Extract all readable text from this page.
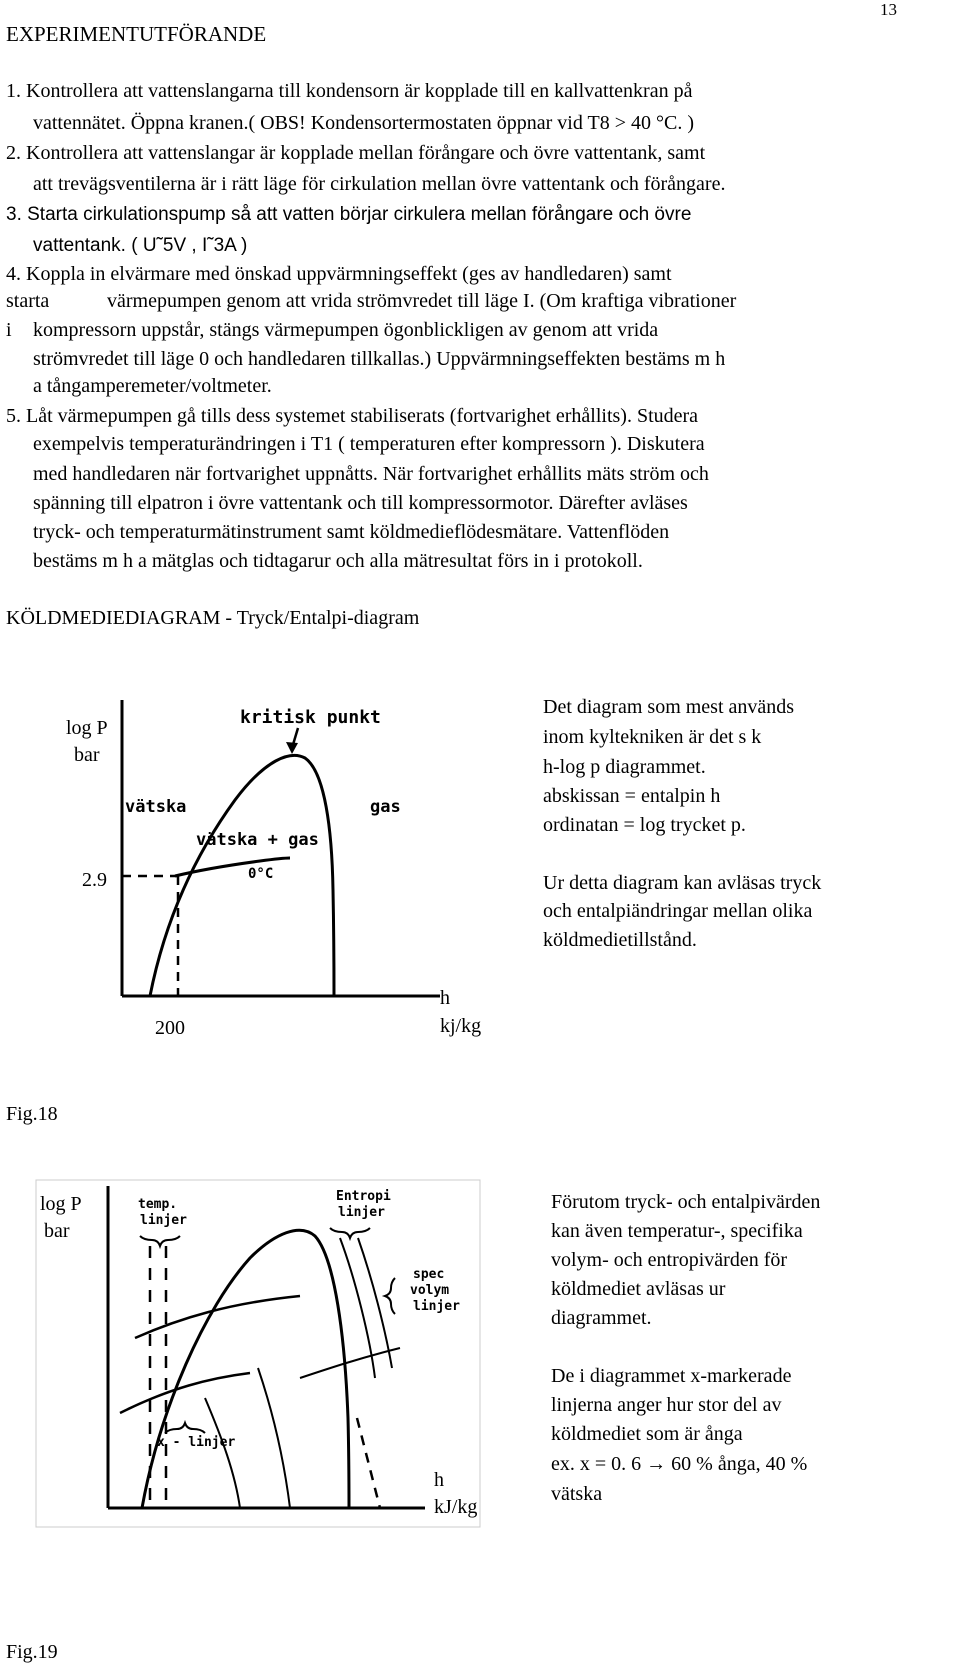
13
EXPERIMENTUTFÖRANDE
1. Kontrollera att vattenslangarna till kondensorn är kopplade till en kallvattenkran på
vattennätet. Öppna kranen.( OBS! Kondensortermostaten öppnar vid T8 > 40 °C. )
2. Kontrollera att vattenslangar är kopplade mellan förångare och övre vattentank, samt
att trevägsventilerna är i rätt läge för cirkulation mellan övre vattentank och förångare.
3. Starta cirkulationspump så att vatten börjar cirkulera mellan förångare och övre
vattentank. ( U˜5V , I˜3A )
4. Koppla in elvärmare med önskad uppvärmningseffekt (ges av handledaren) samt
starta	värmepumpen genom att vrida strömvredet till läge I. (Om kraftiga vibrationer
i kompressorn uppstår, stängs värmepumpen ögonblickligen av genom att vrida
strömvredet till läge 0 och handledaren tillkallas.) Uppvärmningseffekten bestäms m h
a tångamperemeter/voltmeter.
5. Låt värmepumpen gå tills dess systemet stabiliserats (fortvarighet erhållits). Studera
exempelvis temperaturändringen i T1 ( temperaturen efter kompressorn ). Diskutera
med handledaren när fortvarighet uppnåtts. När fortvarighet erhållits mäts ström och
spänning till elpatron i övre vattentank och till kompressormotor. Därefter avläses
tryck- och temperaturmätinstrument samt köldmedieflödesmätare. Vattenflöden
bestäms m h a mätglas och tidtagarur och alla mätresultat förs in i protokoll.
KÖLDMEDIEDIAGRAM - Tryck/Entalpi-diagram
log P
bar
2.9
200
h
kj/kg
kritisk punkt
vätska	gas
vätska + gas
0°C
Det diagram som mest används
inom kyltekniken är det s k
h-log p diagrammet.
abskissan = entalpin h
ordinatan = log trycket p.
Ur detta diagram kan avläsas tryck
och entalpiändringar mellan olika
köldmedietillstånd.
Fig.18
log P
bar
h
kJ/kg
temp.
linjer
Entropi
linjer
spec
volym
linjer
x - linjer
Förutom tryck- och entalpivärden
kan även temperatur-, specifika
volym- och entropivärden för
köldmediet avläsas ur
diagrammet.
De i diagrammet x-markerade
linjerna anger hur stor del av
köldmediet som är ånga
ex. x = 0. 6 → 60 % ånga, 40 %
vätska
Fig.19
